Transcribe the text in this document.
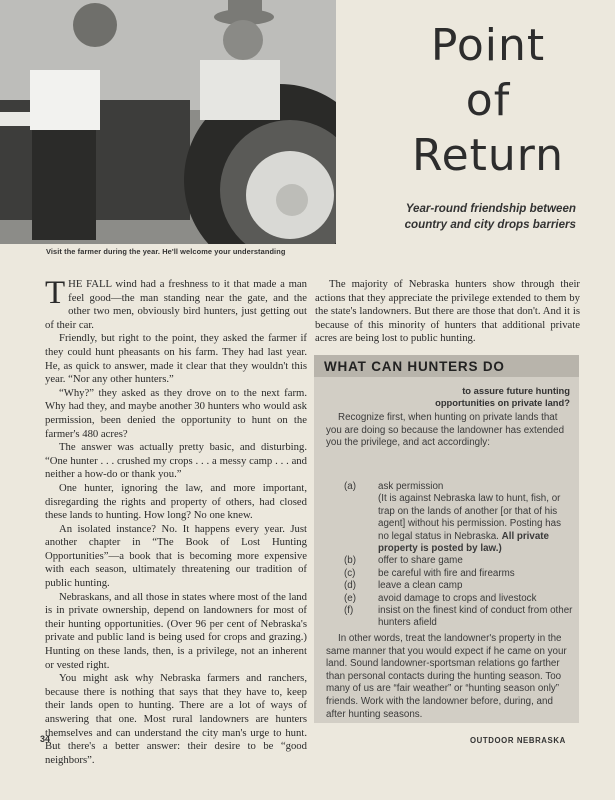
Visit the farmer during the year. He'll welcome your understanding
Point
of
Return
Year-round friendship between country and city drops barriers

THE FALL wind had a freshness to it that made a man feel good—the man standing near the gate, and the other two men, obviously bird hunters, just getting out of their car.

Friendly, but right to the point, they asked the farmer if they could hunt pheasants on his farm. They had last year. He, as quick to answer, made it clear that they wouldn't this year. “Nor any other hunters.”

“Why?” they asked as they drove on to the next farm. Why had they, and maybe another 30 hunters who would ask permission, been denied the opportunity to hunt on the farmer's 480 acres?

The answer was actually pretty basic, and disturbing. “One hunter . . . crushed my crops . . . a messy camp . . . and neither a how-do or thank you.”

One hunter, ignoring the law, and more important, disregarding the rights and property of others, had closed these lands to hunting. How long? No one knew.

An isolated instance? No. It happens every year. Just another chapter in “The Book of Lost Hunting Opportunities”—a book that is becoming more expensive with each season, ultimately threatening our tradition of public hunting.

Nebraskans, and all those in states where most of the land is in private ownership, depend on landowners for most of their hunting opportunities. (Over 96 per cent of Nebraska's private and public land is being used for crops and grazing.) Hunting on these lands, then, is a privilege, not an inherent or vested right.

You might ask why Nebraska farmers and ranchers, because there is nothing that says that they have to, keep their lands open to hunting. There are a lot of ways of answering that one. Most rural landowners are hunters themselves and can understand the city man's urge to hunt. But there's a better answer: their desire to be “good neighbors”.

The majority of Nebraska hunters show through their actions that they appreciate the privilege extended to them by the state's landowners. But there are those that don't. And it is because of this minority of hunters that additional private acres are being lost to public hunting.

WHAT CAN HUNTERS DO
to assure future hunting opportunities on private land?
Recognize first, when hunting on private lands that you are doing so because the landowner has extended you the privilege, and act accordingly:
(a) ask permission
(It is against Nebraska law to hunt, fish, or trap on the lands of another [or that of his agent] without his permission. Posting has no legal status in Nebraska. All private property is posted by law.)
(b) offer to share game
(c) be careful with fire and firearms
(d) leave a clean camp
(e) avoid damage to crops and livestock
(f)	insist on the finest kind of conduct from other hunters afield
In other words, treat the landowner's property in the same manner that you would expect if he came on your land. Sound landowner-sportsman relations go farther than personal contacts during the hunting season. Too many of us are “fair weather” or “hunting season only” friends. Work with the landowner before, during, and after hunting seasons.
34	OUTDOOR NEBRASKA
